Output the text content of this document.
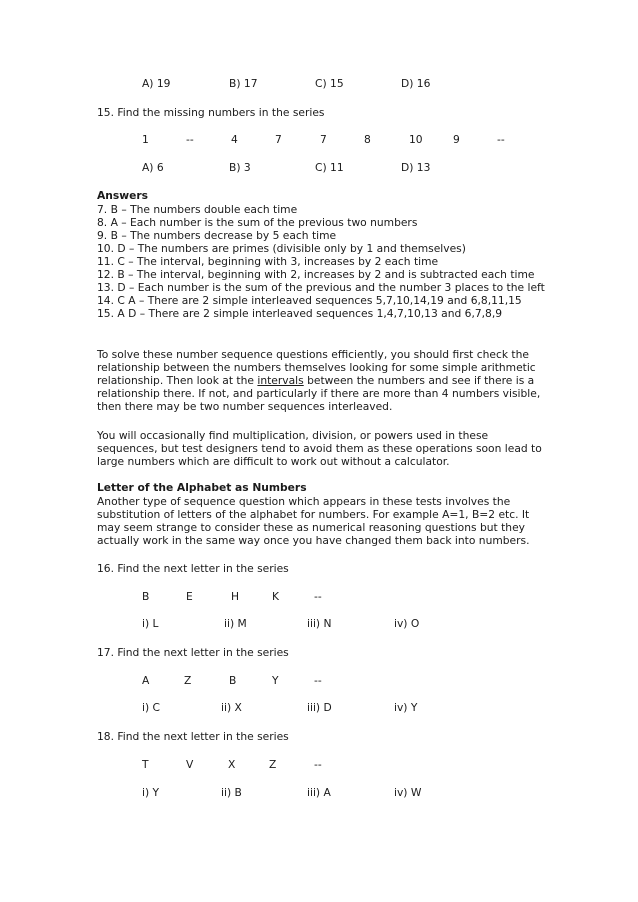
A) 19	B) 17	C) 15	D) 16
15. Find the missing numbers in the series
1	--	4	7	7	8	10	9	--
A) 6	B) 3	C) 11	D) 13
Answers

7. B – The numbers double each time

8. A – Each number is the sum of the previous two numbers

9. B – The numbers decrease by 5 each time

10. D – The numbers are primes (divisible only by 1 and themselves)

11. C – The interval, beginning with 3, increases by 2 each time

12. B – The interval, beginning with 2, increases by 2 and is subtracted each time

13. D – Each number is the sum of the previous and the number 3 places to the left

14. C A – There are 2 simple interleaved sequences 5,7,10,14,19 and 6,8,11,15

15. A D – There are 2 simple interleaved sequences 1,4,7,10,13 and 6,7,8,9

To solve these number sequence questions efficiently, you should first check the relationship between the numbers themselves looking for some simple arithmetic relationship. Then look at the intervals between the numbers and see if there is a relationship there. If not, and particularly if there are more than 4 numbers visible, then there may be two number sequences interleaved.
You will occasionally find multiplication, division, or powers used in these sequences, but test designers tend to avoid them as these operations soon lead to large numbers which are difficult to work out without a calculator.
Letter of the Alphabet as Numbers
Another type of sequence question which appears in these tests involves the substitution of letters of the alphabet for numbers. For example A=1, B=2 etc. It may seem strange to consider these as numerical reasoning questions but they actually work in the same way once you have changed them back into numbers.
16. Find the next letter in the series
B	E	H	K	--
i) L	ii) M	iii) N	iv) O
17. Find the next letter in the series
A	Z	B	Y	--
i) C	ii) X	iii) D	iv) Y
18. Find the next letter in the series
T	V	X	Z	--
i) Y	ii) B	iii) A	iv) W
